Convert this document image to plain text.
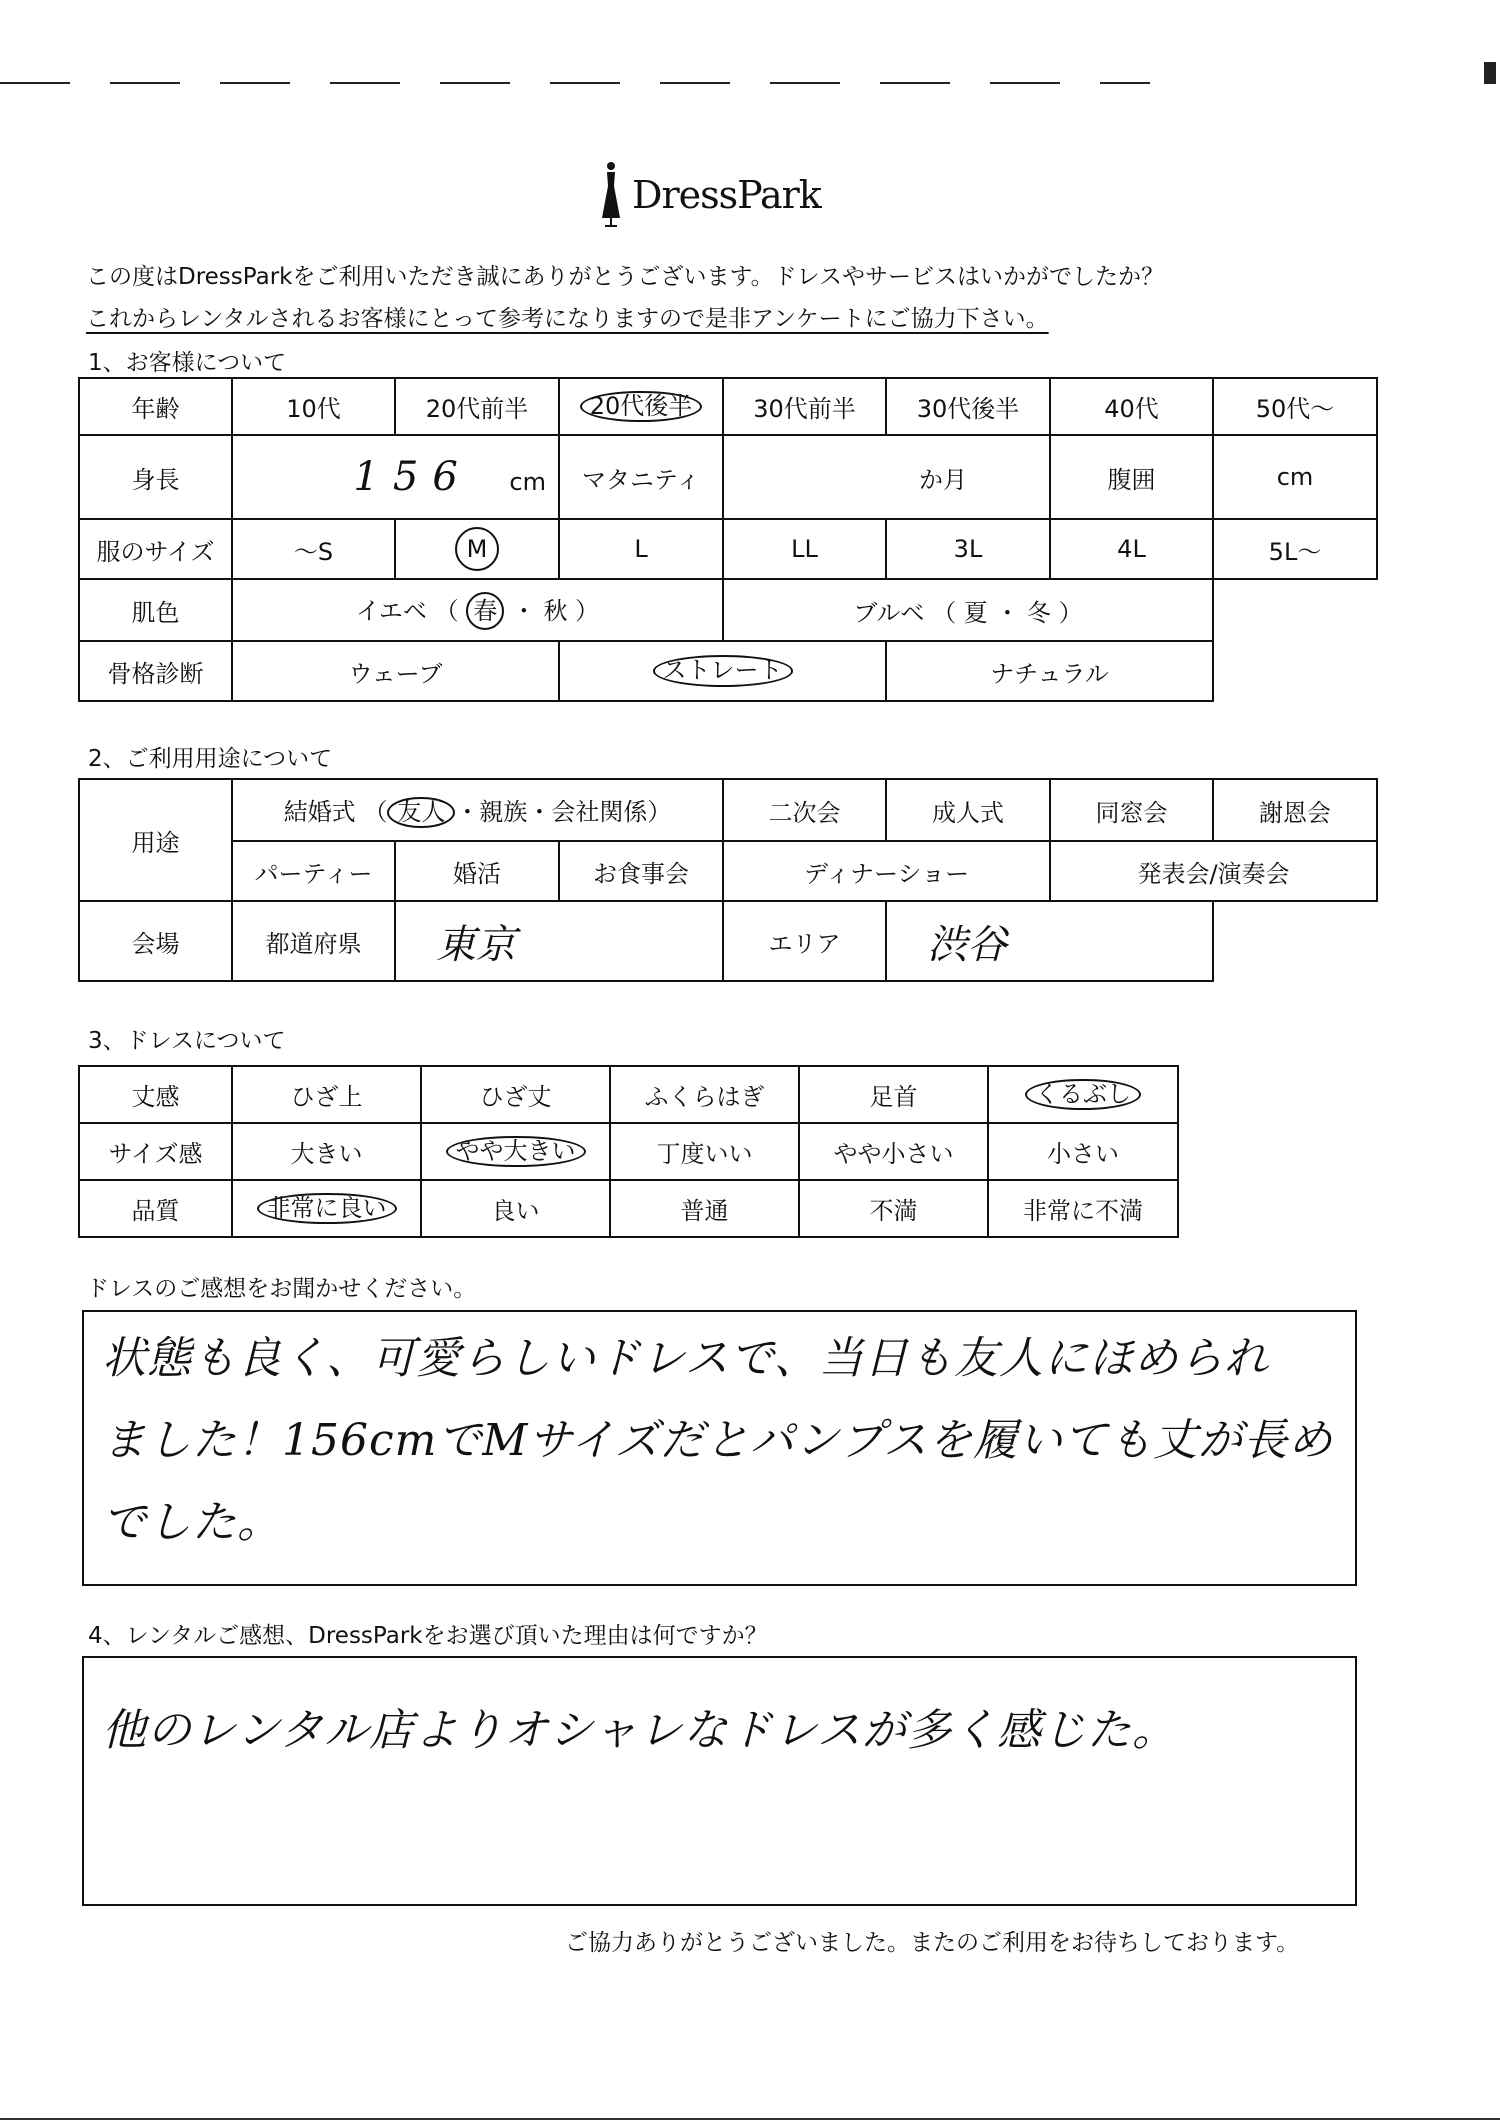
DressPark
この度はDressParkをご利用いただき誠にありがとうございます。ドレスやサービスはいかがでしたか？
これからレンタルされるお客様にとって参考になりますので是非アンケートにご協力下さい。
1、お客様について
年齢	10代	20代前半	20代後半	30代前半	30代後半	40代	50代〜
身長	156 cm		マタニティ	か月		腹囲	cm
服のサイズ	〜S	M	L	LL	3L	4L	5L〜
肌色	イエベ （ 春 ・ 秋 ）			ブルベ （ 夏 ・ 冬 ）			
骨格診断	ウェーブ		ストレート		ナチュラル		
2、ご利用用途について
用途	結婚式 （ 友人 ・親族・会社関係）			二次会	成人式	同窓会	謝恩会
	パーティー	婚活	お食事会	ディナーショー		発表会/演奏会	
会場	都道府県	東京		エリア	渋谷		
3、ドレスについて
丈感	ひざ上	ひざ丈	ふくらはぎ	足首	くるぶし
サイズ感	大きい	やや大きい	丁度いい	やや小さい	小さい
品質	非常に良い	良い	普通	不満	非常に不満
ドレスのご感想をお聞かせください。
状態も良く、可愛らしいドレスで、当日も友人にほめられ
ました！156cmでMサイズだとパンプスを履いても丈が長め
でした。
4、レンタルご感想、DressParkをお選び頂いた理由は何ですか？
他のレンタル店よりオシャレなドレスが多く感じた。
ご協力ありがとうございました。またのご利用をお待ちしております。
